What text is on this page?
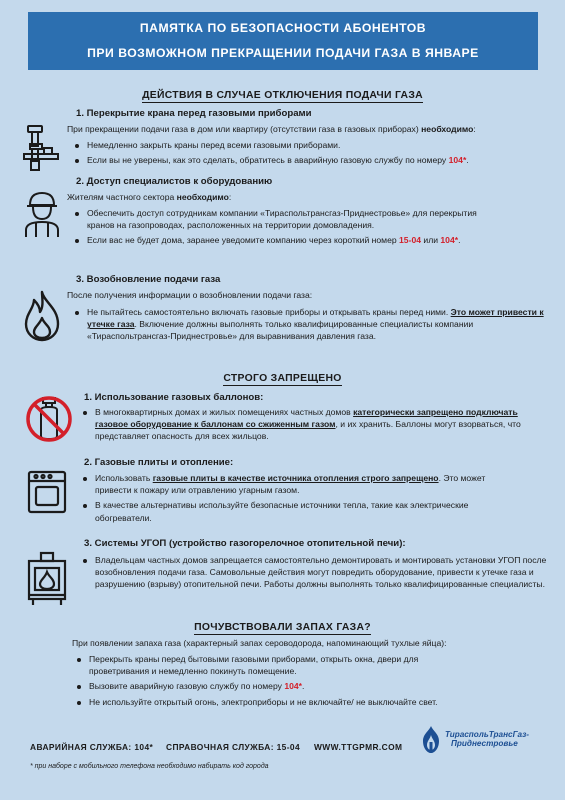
ПАМЯТКА ПО БЕЗОПАСНОСТИ АБОНЕНТОВ
ПРИ ВОЗМОЖНОМ ПРЕКРАЩЕНИИ ПОДАЧИ ГАЗА В ЯНВАРЕ
ДЕЙСТВИЯ В СЛУЧАЕ ОТКЛЮЧЕНИЯ ПОДАЧИ ГАЗА
1. Перекрытие крана перед газовыми приборами
При прекращении подачи газа в дом или квартиру (отсутствии газа в газовых приборах) необходимо:
Немедленно закрыть краны перед всеми газовыми приборами.
Если вы не уверены, как это сделать, обратитесь в аварийную газовую службу по номеру 104*.
2. Доступ специалистов к оборудованию
Жителям частного сектора необходимо:
Обеспечить доступ сотрудникам компании «Тираспольтрансгаз-Приднестровье» для перекрытия кранов на газопроводах, расположенных на территории домовладения.
Если вас не будет дома, заранее уведомите компанию через короткий номер 15-04 или 104*.
3. Возобновление подачи газа
После получения информации о возобновлении подачи газа:
Не пытайтесь самостоятельно включать газовые приборы и открывать краны перед ними. Это может привести к утечке газа. Включение должны выполнять только квалифицированные специалисты компании «Тираспольтрансгаз-Приднестровье» для выравнивания давления газа.
СТРОГО ЗАПРЕЩЕНО
1. Использование газовых баллонов:
В многоквартирных домах и жилых помещениях частных домов категорически запрещено подключать газовое оборудование к баллонам со сжиженным газом, и их хранить. Баллоны могут взорваться, что представляет опасность для всех жильцов.
2. Газовые плиты и отопление:
Использовать газовые плиты в качестве источника отопления строго запрещено. Это может привести к пожару или отравлению угарным газом.
В качестве альтернативы используйте безопасные источники тепла, такие как электрические обогреватели.
3. Системы УГОП (устройство газогорелочное отопительной печи):
Владельцам частных домов запрещается самостоятельно демонтировать и монтировать установки УГОП после возобновления подачи газа. Самовольные действия могут повредить оборудование, привести к утечке газа и разрушению (взрыву) отопительной печи. Работы должны выполнять только квалифицированные специалисты.
ПОЧУВСТВОВАЛИ ЗАПАХ ГАЗА?
При появлении запаха газа (характерный запах сероводорода, напоминающий тухлые яйца):
Перекрыть краны перед бытовыми газовыми приборами, открыть окна, двери для проветривания и немедленно покинуть помещение.
Вызовите аварийную газовую службу по номеру 104*.
Не используйте открытый огонь, электроприборы и не включайте/ не выключайте свет.
АВАРИЙНАЯ СЛУЖБА: 104* СПРАВОЧНАЯ СЛУЖБА: 15-04 WWW.TTGPMR.COM
ТираспольТрансГаз-
Приднестровье
* при наборе с мобильного телефона необходимо набирать код города
